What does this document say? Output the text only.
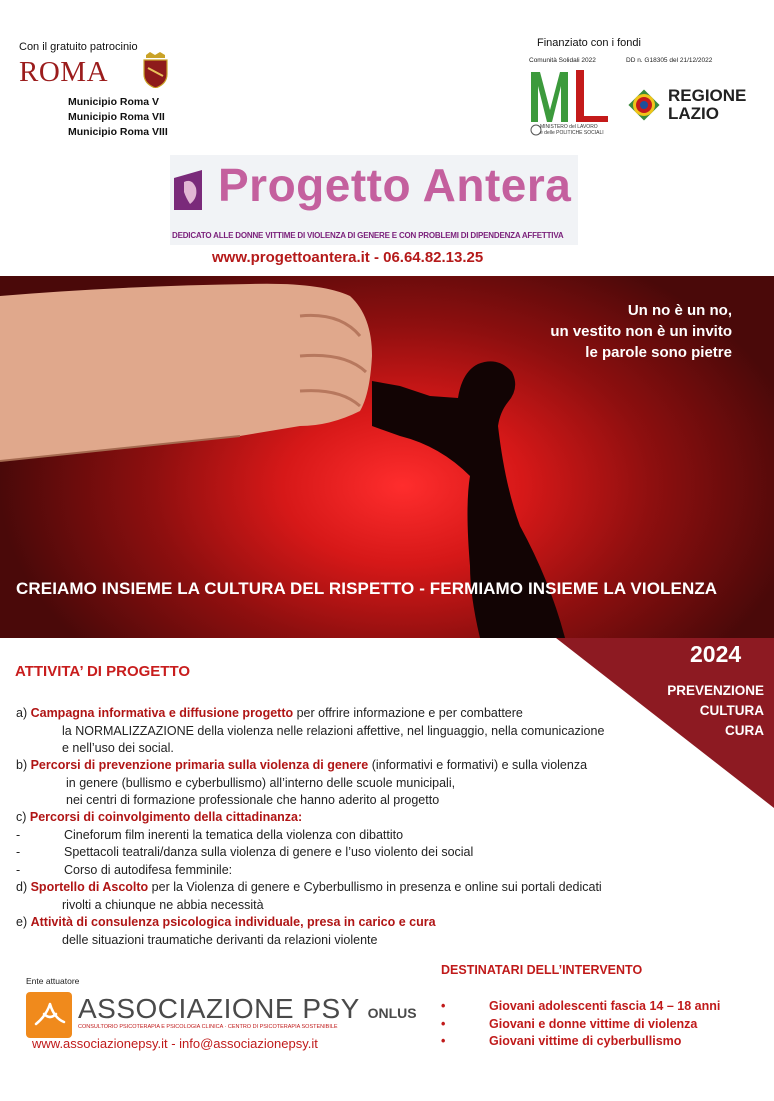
Con il gratuito patrocinio
ROMA
Municipio Roma V
Municipio Roma VII
Municipio Roma VIII
Finanziato con i fondi
Comunità Solidali 2022	DD n. G18305 del 21/12/2022
MINISTERO del LAVORO
e delle POLITICHE SOCIALI
REGIONE
LAZIO
Progetto Antera
DEDICATO ALLE DONNE VITTIME DI VIOLENZA DI GENERE E CON PROBLEMI DI DIPENDENZA AFFETTIVA
www.progettoantera.it - 06.64.82.13.25
Un no è un no,
un vestito non è un invito
le parole sono pietre
CREIAMO INSIEME LA CULTURA DEL RISPETTO - FERMIAMO INSIEME LA VIOLENZA
2024
PREVENZIONE
CULTURA
CURA
ATTIVITA’ DI PROGETTO
a) Campagna informativa e diffusione progetto per offrire informazione e per combattere
la NORMALIZZAZIONE della violenza nelle relazioni affettive, nel linguaggio, nella comunicazione
e nell’uso dei social.
b) Percorsi di prevenzione primaria sulla violenza di genere (informativi e formativi) e sulla violenza
in genere (bullismo e cyberbullismo) all’interno delle scuole municipali,
nei centri di formazione professionale che hanno aderito al progetto
c) Percorsi di coinvolgimento della cittadinanza:
-	Cineforum film inerenti la tematica della violenza con dibattito
-	Spettacoli teatrali/danza sulla violenza di genere e l’uso violento dei social
-	Corso di autodifesa femminile:
d) Sportello di Ascolto per la Violenza di genere e Cyberbullismo in presenza e online sui portali dedicati
rivolti a chiunque ne abbia necessità
e) Attività di consulenza psicologica individuale, presa in carico e cura
delle situazioni traumatiche derivanti da relazioni violente
Ente attuatore
ASSOCIAZIONE PSY ONLUS
CONSULTORIO PSICOTERAPIA E PSICOLOGIA CLINICA · CENTRO DI PSICOTERAPIA SOSTENIBILE
www.associazionepsy.it - info@associazionepsy.it
DESTINATARI DELL’INTERVENTO
•	Giovani adolescenti fascia 14 – 18 anni
•	Giovani e donne vittime di violenza
•	Giovani vittime di cyberbullismo
